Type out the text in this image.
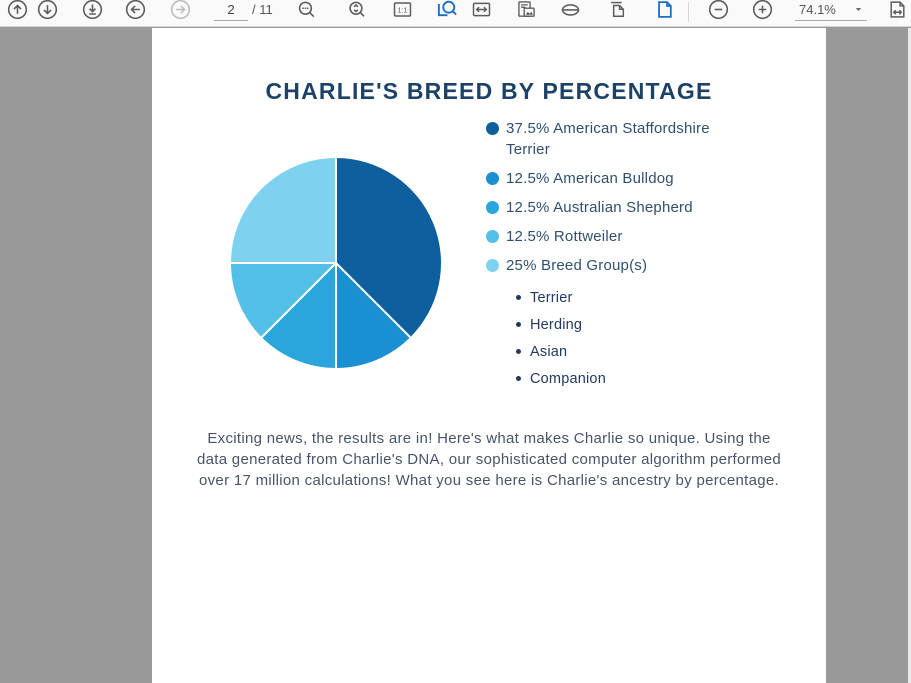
2
/ 11	1:1	74.1%
CHARLIE'S BREED BY PERCENTAGE
37.5% American Staffordshire Terrier
12.5% American Bulldog
12.5% Australian Shepherd
12.5% Rottweiler
25% Breed Group(s)
Terrier
Herding
Asian
Companion

Exciting news, the results are in! Here's what makes Charlie so unique. Using the data generated from Charlie's DNA, our sophisticated computer algorithm performed over 17 million calculations! What you see here is Charlie's ancestry by percentage.
